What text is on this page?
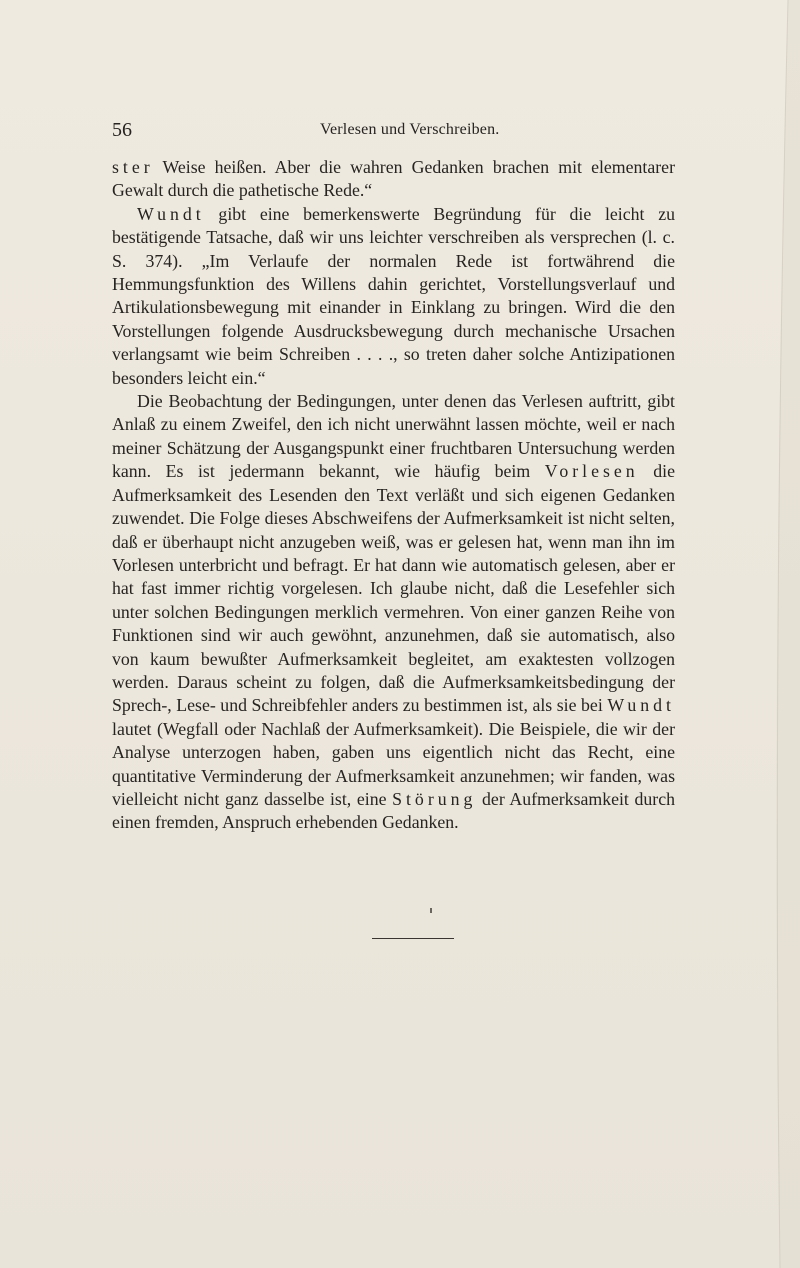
56	Verlesen und Verschreiben.

ster Weise heißen. Aber die wahren Gedanken brachen mit elementarer Gewalt durch die pathetische Rede.“

Wundt gibt eine bemerkenswerte Begründung für die leicht zu bestätigende Tatsache, daß wir uns leichter verschreiben als versprechen (l. c. S. 374). „Im Verlaufe der normalen Rede ist fortwährend die Hemmungsfunktion des Willens dahin gerichtet, Vorstellungsverlauf und Artikulationsbewegung mit einander in Einklang zu bringen. Wird die den Vorstellungen folgende Ausdrucksbewegung durch mechanische Ursachen verlangsamt wie beim Schreiben . . . ., so treten daher solche Antizipationen besonders leicht ein.“

Die Beobachtung der Bedingungen, unter denen das Verlesen auftritt, gibt Anlaß zu einem Zweifel, den ich nicht unerwähnt lassen möchte, weil er nach meiner Schätzung der Ausgangspunkt einer fruchtbaren Untersuchung werden kann. Es ist jedermann bekannt, wie häufig beim Vorlesen die Aufmerksamkeit des Lesenden den Text verläßt und sich eigenen Gedanken zuwendet. Die Folge dieses Abschweifens der Aufmerksamkeit ist nicht selten, daß er überhaupt nicht anzugeben weiß, was er gelesen hat, wenn man ihn im Vorlesen unterbricht und befragt. Er hat dann wie automatisch gelesen, aber er hat fast immer richtig vorgelesen. Ich glaube nicht, daß die Lesefehler sich unter solchen Bedingungen merklich vermehren. Von einer ganzen Reihe von Funktionen sind wir auch gewöhnt, anzunehmen, daß sie automatisch, also von kaum bewußter Aufmerksamkeit begleitet, am exaktesten vollzogen werden. Daraus scheint zu folgen, daß die Aufmerksamkeitsbedingung der Sprech-, Lese- und Schreibfehler anders zu bestimmen ist, als sie bei Wundt lautet (Wegfall oder Nachlaß der Aufmerksamkeit). Die Beispiele, die wir der Analyse unterzogen haben, gaben uns eigentlich nicht das Recht, eine quantitative Verminderung der Aufmerksamkeit anzunehmen; wir fanden, was vielleicht nicht ganz dasselbe ist, eine Störung der Aufmerksamkeit durch einen fremden, Anspruch erhebenden Gedanken.
